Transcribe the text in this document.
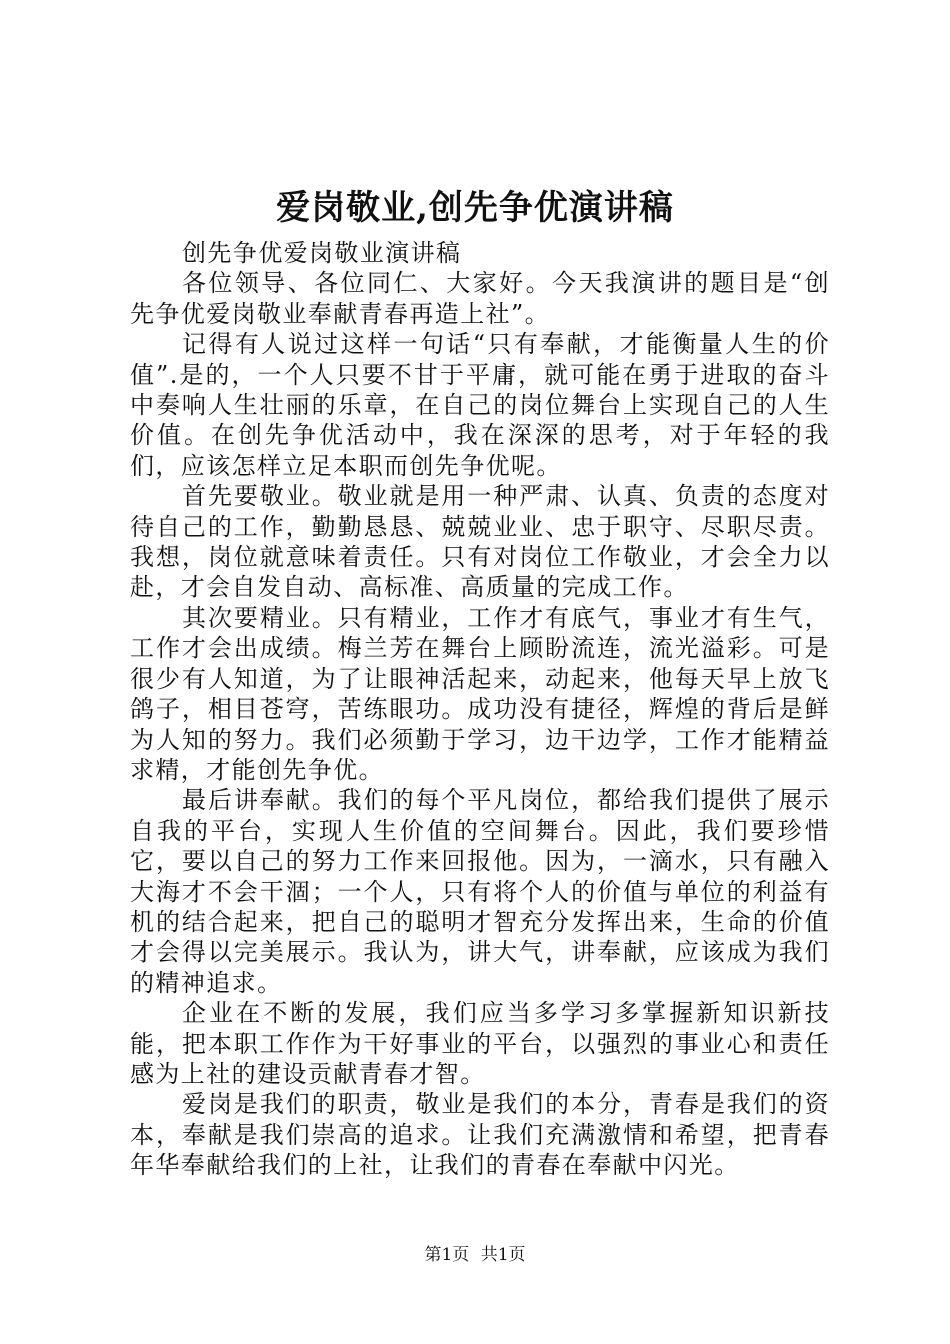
爱岗敬业,创先争优演讲稿

创先争优爱岗敬业演讲稿

各位领导、各位同仁、大家好。今天我演讲的题目是“创先争优爱岗敬业奉献青春再造上社”。

记得有人说过这样一句话“只有奉献，才能衡量人生的价值”.是的，一个人只要不甘于平庸，就可能在勇于进取的奋斗中奏响人生壮丽的乐章，在自己的岗位舞台上实现自己的人生价值。在创先争优活动中，我在深深的思考，对于年轻的我们，应该怎样立足本职而创先争优呢。

首先要敬业。敬业就是用一种严肃、认真、负责的态度对待自己的工作，勤勤恳恳、兢兢业业、忠于职守、尽职尽责。我想，岗位就意味着责任。只有对岗位工作敬业，才会全力以赴，才会自发自动、高标准、高质量的完成工作。

其次要精业。只有精业，工作才有底气，事业才有生气，工作才会出成绩。梅兰芳在舞台上顾盼流连，流光溢彩。可是很少有人知道，为了让眼神活起来，动起来，他每天早上放飞鸽子，相目苍穹，苦练眼功。成功没有捷径，辉煌的背后是鲜为人知的努力。我们必须勤于学习，边干边学，工作才能精益求精，才能创先争优。

最后讲奉献。我们的每个平凡岗位，都给我们提供了展示自我的平台，实现人生价值的空间舞台。因此，我们要珍惜它，要以自己的努力工作来回报他。因为，一滴水，只有融入大海才不会干涸；一个人，只有将个人的价值与单位的利益有机的结合起来，把自己的聪明才智充分发挥出来，生命的价值才会得以完美展示。我认为，讲大气，讲奉献，应该成为我们的精神追求。

企业在不断的发展，我们应当多学习多掌握新知识新技能，把本职工作作为干好事业的平台，以强烈的事业心和责任感为上社的建设贡献青春才智。

爱岗是我们的职责，敬业是我们的本分，青春是我们的资本，奉献是我们崇高的追求。让我们充满激情和希望，把青春年华奉献给我们的上社，让我们的青春在奉献中闪光。

第1页 共1页
